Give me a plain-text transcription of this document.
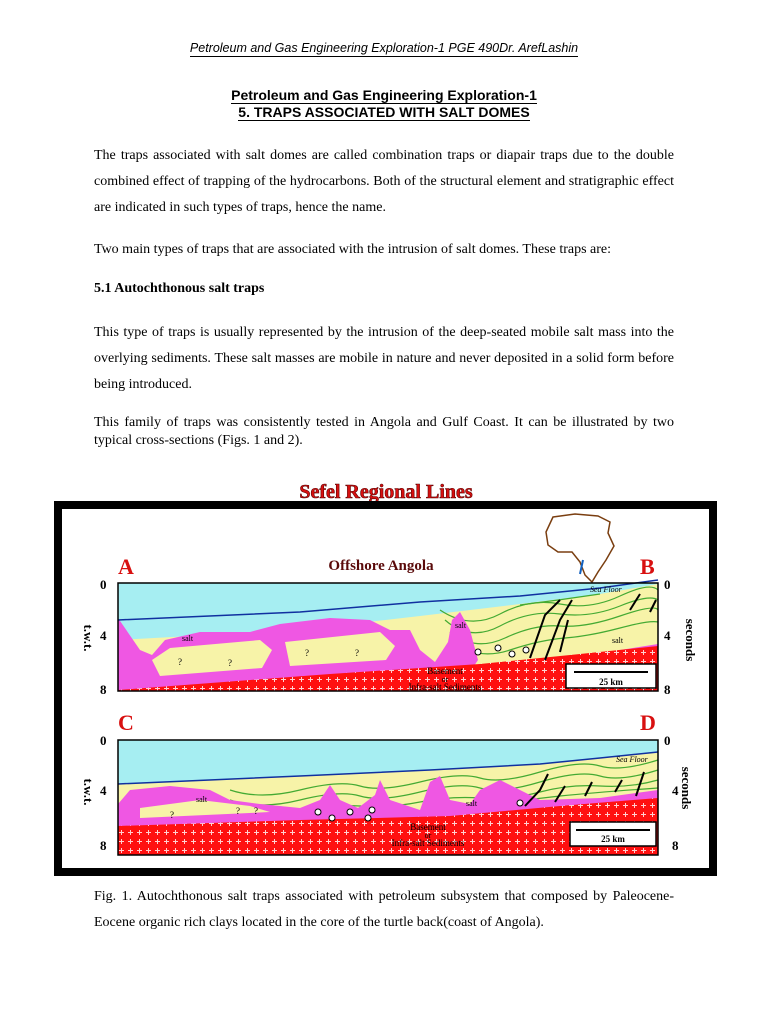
Petroleum and Gas Engineering Exploration-1 PGE 490Dr. ArefLashin
Petroleum and Gas Engineering Exploration-1
5. TRAPS ASSOCIATED WITH SALT DOMES

The traps associated with salt domes are called combination traps or diapair traps due to the double combined effect of trapping of the hydrocarbons. Both of the structural element and stratigraphic effect are indicated in such types of traps, hence the name.

Two main types of traps that are associated with the intrusion of salt domes. These traps are:

5.1 Autochthonous salt traps

This type of traps is usually represented by the intrusion of the deep-seated mobile salt mass into the overlying sediments. These salt masses are mobile in nature and never deposited in a solid form before being introduced.

This family of traps was consistently tested in Angola and Gulf Coast. It can be illustrated by two typical cross-sections (Figs. 1 and 2).

Sefel Regional Lines
A	B
Offshore Angola
0
4
8
0
4
8
t.w.t.	seconds
Sea Floor
salt
salt
salt
?	?
?	?
Basement
or
Infra-salt Sediments	25 km
C	D
0
4
8
0
4
8
t.w.t.	seconds
Sea Floor
salt	salt
?	? ?
Basement
or
Infra-salt Sediments	25 km
C.Cramez, 1986

Fig. 1. Autochthonous salt traps associated with petroleum subsystem that composed by Paleocene-Eocene organic rich clays located in the core of the turtle back(coast of Angola).
